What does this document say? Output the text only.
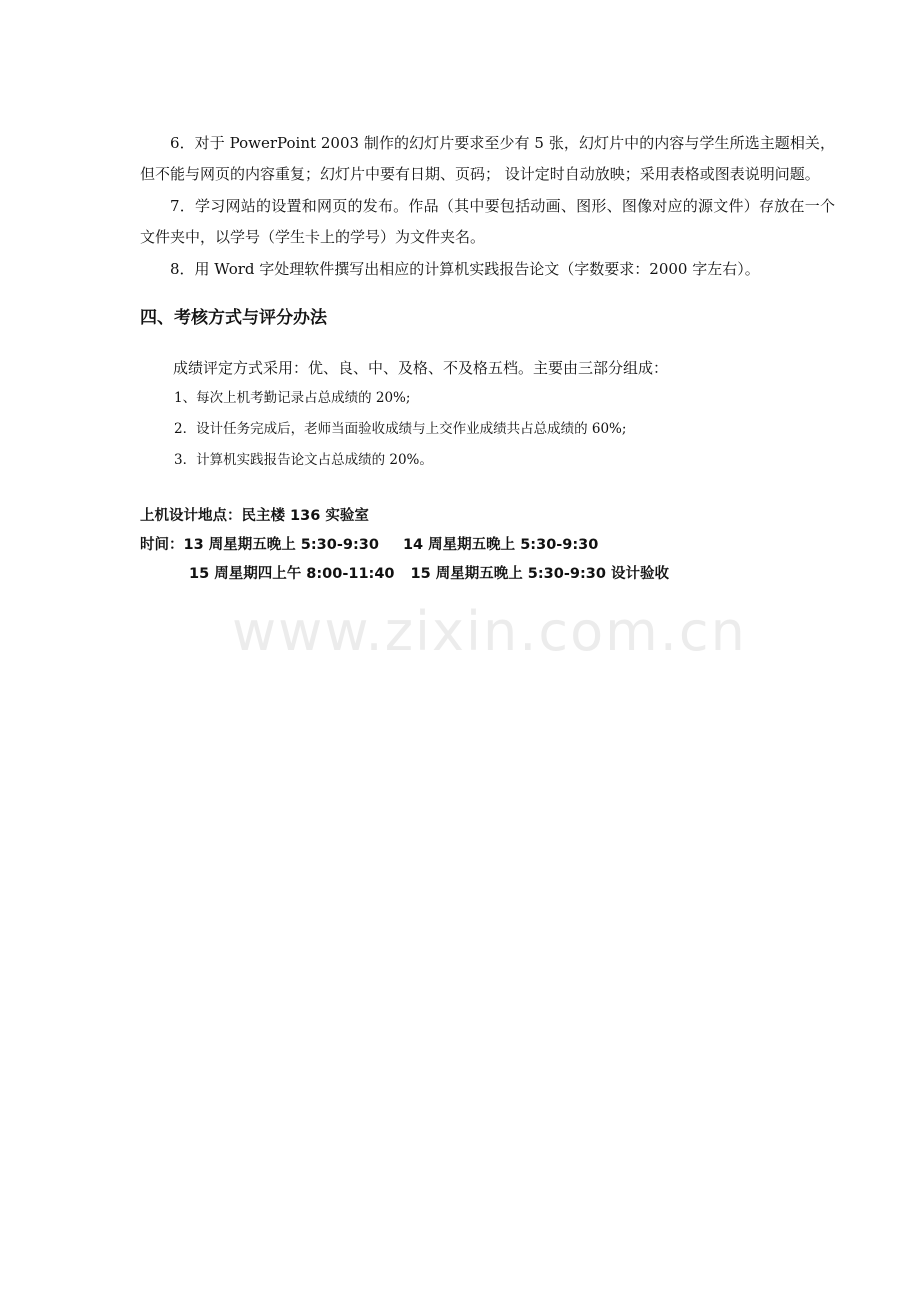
6．对于 PowerPoint 2003 制作的幻灯片要求至少有 5 张，幻灯片中的内容与学生所选主题相关，但不能与网页的内容重复；幻灯片中要有日期、页码； 设计定时自动放映；采用表格或图表说明问题。

7．学习网站的设置和网页的发布。作品（其中要包括动画、图形、图像对应的源文件）存放在一个文件夹中，以学号（学生卡上的学号）为文件夹名。

8．用 Word 字处理软件撰写出相应的计算机实践报告论文（字数要求：2000 字左右）。

四、考核方式与评分办法

成绩评定方式采用：优、良、中、及格、不及格五档。主要由三部分组成：

1、每次上机考勤记录占总成绩的 20%;

2．设计任务完成后，老师当面验收成绩与上交作业成绩共占总成绩的 60%;

3．计算机实践报告论文占总成绩的 20%。

上机设计地点：民主楼 136 实验室

时间：13 周星期五晚上 5:30-9:30 14 周星期五晚上 5:30-9:30

15 周星期四上午 8:00-11:40 15 周星期五晚上 5:30-9:30 设计验收

www.zixin.com.cn
